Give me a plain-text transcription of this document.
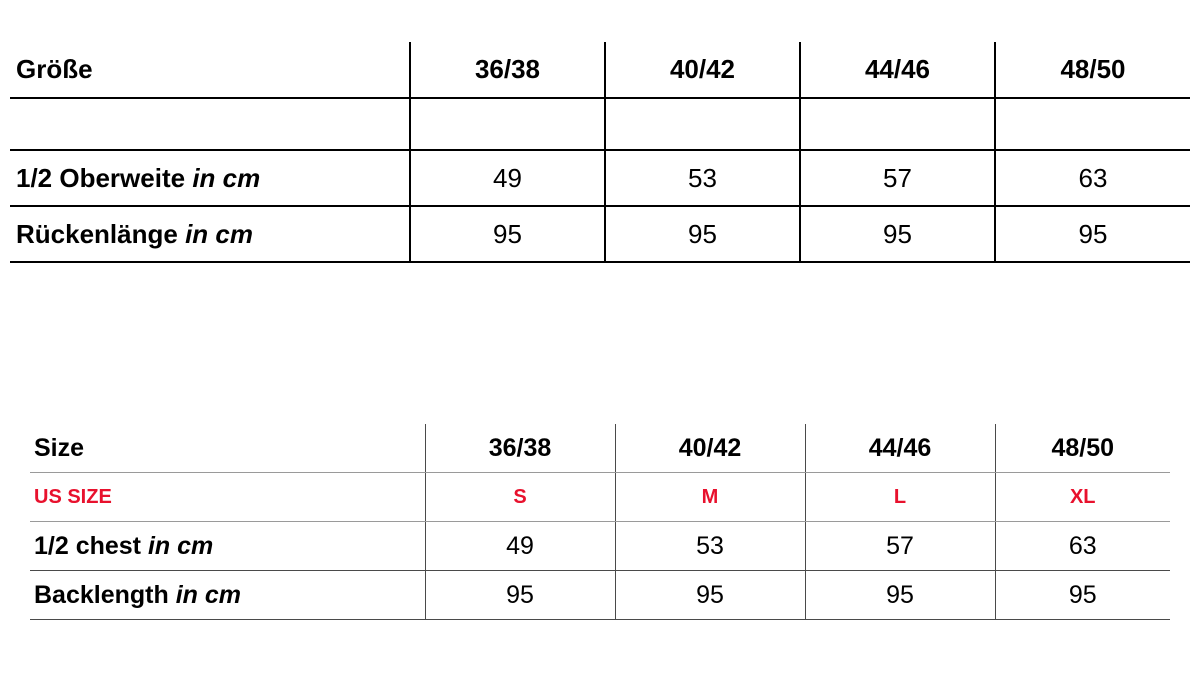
Größe	36/38	40/42	44/46	48/50

1/2 Oberweite in cm	49	53	57	63
Rückenlänge in cm	95	95	95	95
Size	36/38	40/42	44/46	48/50
US SIZE	S	M	L	XL
1/2 chest in cm	49	53	57	63
Backlength in cm	95	95	95	95
